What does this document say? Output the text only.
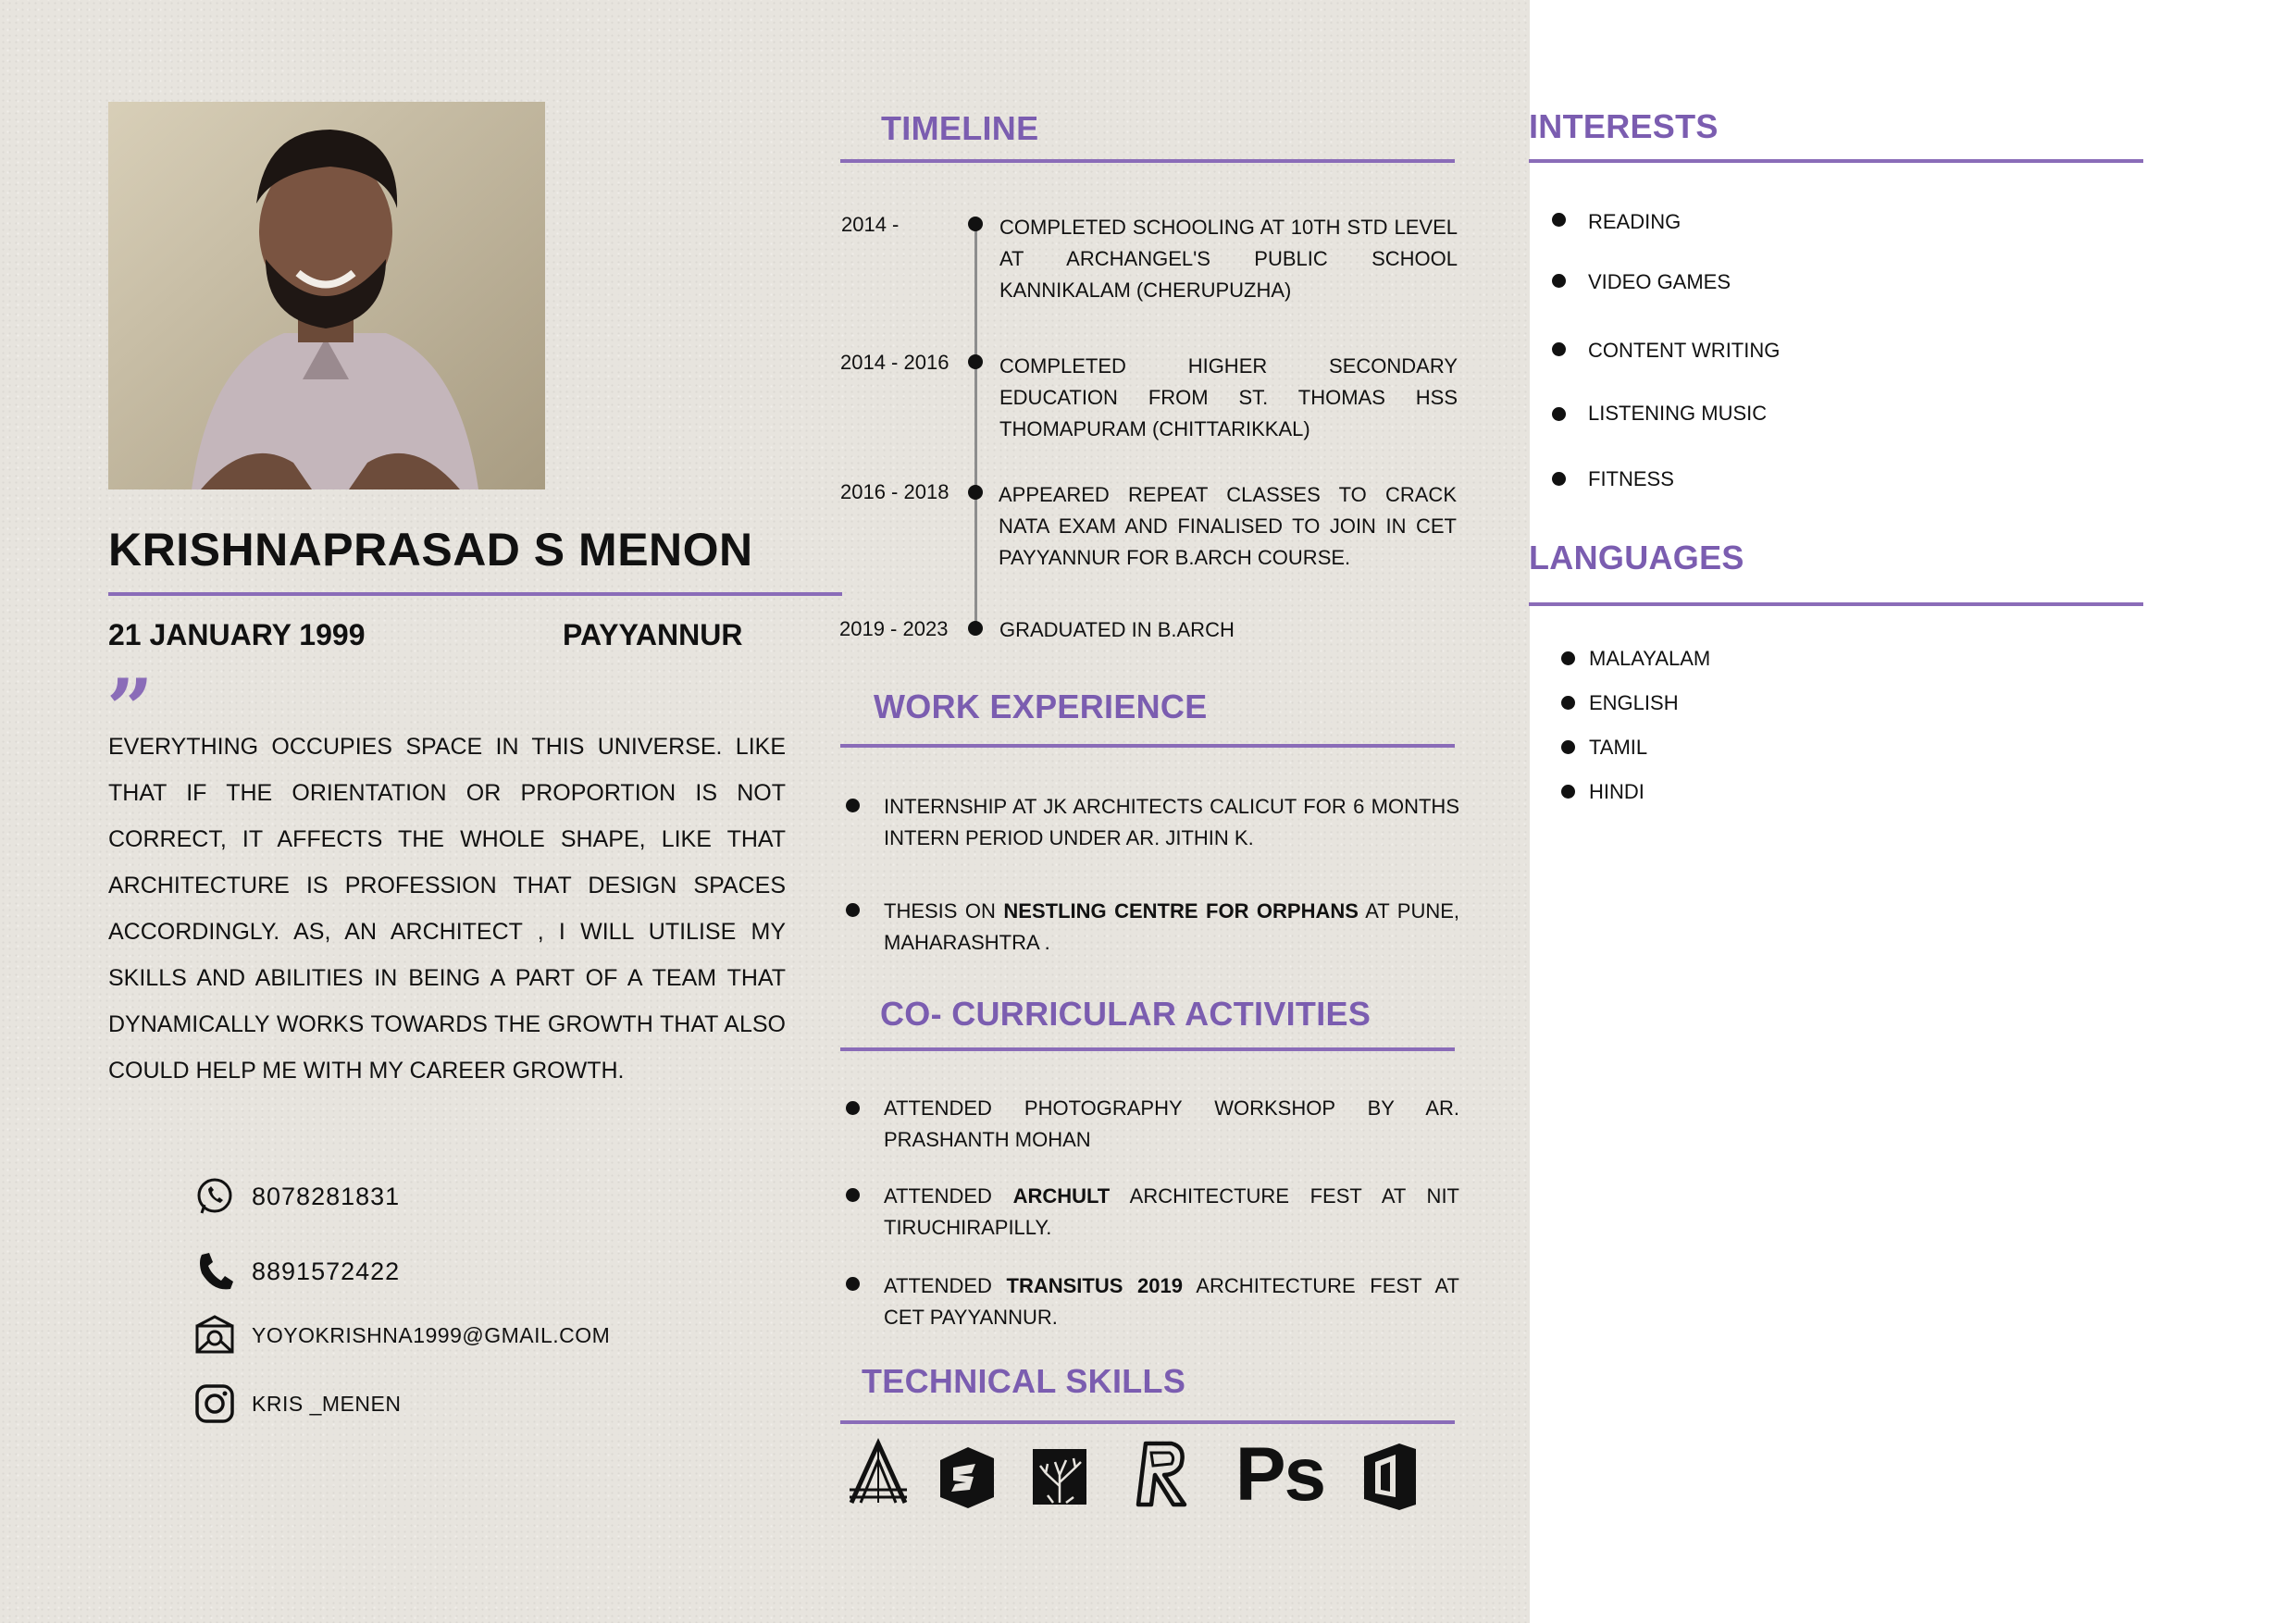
KRISHNAPRASAD S MENON
21 JANUARY 1999	PAYYANNUR
”
EVERYTHING OCCUPIES SPACE IN THIS UNIVERSE. LIKE THAT IF THE ORIENTATION OR PROPORTION IS NOT CORRECT, IT AFFECTS THE WHOLE SHAPE, LIKE THAT ARCHITECTURE IS PROFESSION THAT DESIGN SPACES ACCORDINGLY. AS, AN ARCHITECT , I WILL UTILISE MY SKILLS AND ABILITIES IN BEING A PART OF A TEAM THAT DYNAMICALLY WORKS TOWARDS THE GROWTH THAT ALSO COULD HELP ME WITH MY CAREER GROWTH.
8078281831
8891572422
YOYOKRISHNA1999@GMAIL.COM
KRIS _MENEN
TIMELINE
2014 -	COMPLETED SCHOOLING AT 10TH STD LEVEL AT ARCHANGEL'S PUBLIC SCHOOL KANNIKALAM (CHERUPUZHA)
2014 - 2016 COMPLETED HIGHER SECONDARY EDUCATION FROM ST. THOMAS HSS THOMAPURAM (CHITTARIKKAL)
2016 - 2018 APPEARED REPEAT CLASSES TO CRACK NATA EXAM AND FINALISED TO JOIN IN CET PAYYANNUR FOR B.ARCH COURSE.
2019 - 2023	GRADUATED IN B.ARCH
WORK EXPERIENCE
INTERNSHIP AT JK ARCHITECTS CALICUT FOR 6 MONTHS INTERN PERIOD UNDER AR. JITHIN K.
THESIS ON NESTLING CENTRE FOR ORPHANS AT PUNE, MAHARASHTRA .
CO- CURRICULAR ACTIVITIES
ATTENDED PHOTOGRAPHY WORKSHOP BY AR. PRASHANTH MOHAN
ATTENDED ARCHULT ARCHITECTURE FEST AT NIT TIRUCHIRAPILLY.
ATTENDED TRANSITUS 2019 ARCHITECTURE FEST AT CET PAYYANNUR.
TECHNICAL SKILLS
Ps
INTERESTS
READING
VIDEO GAMES
CONTENT WRITING
LISTENING MUSIC
FITNESS
LANGUAGES
MALAYALAM
ENGLISH
TAMIL
HINDI
